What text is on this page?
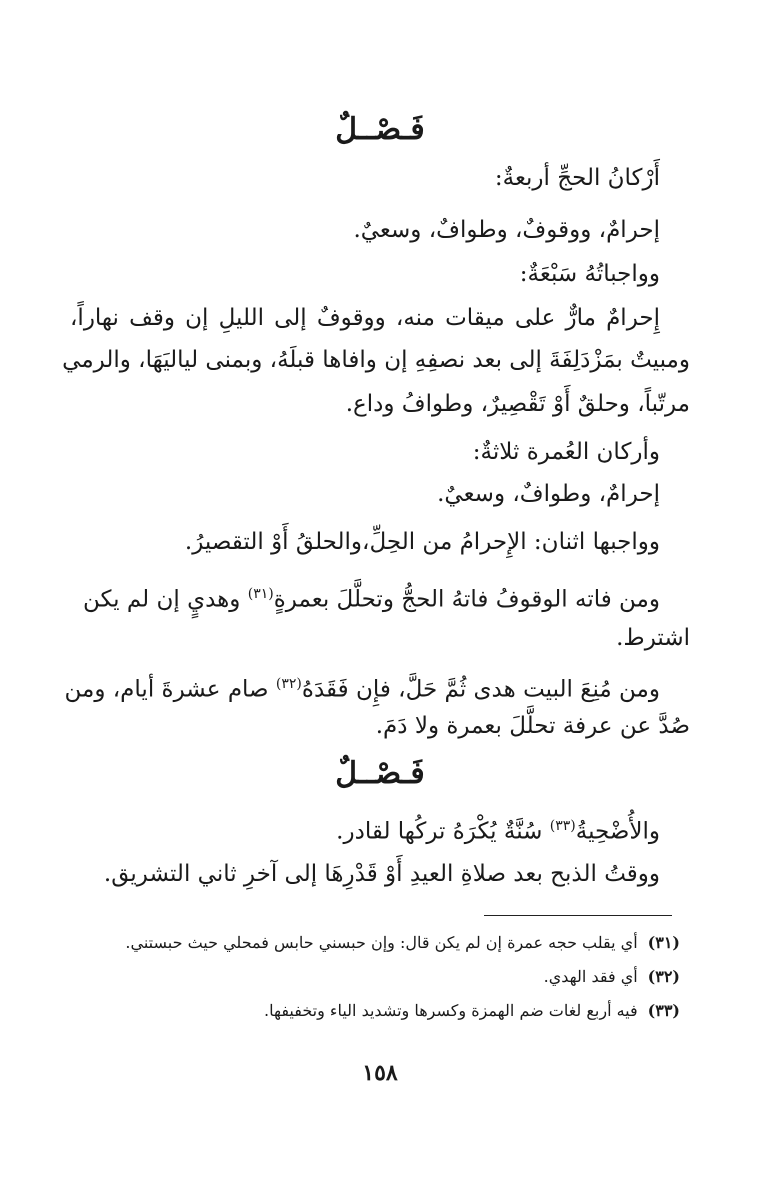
فَـصْــلٌ
أَرْكانُ الحجِّ أربعةٌ:
إحرامٌ، ووقوفٌ، وطوافٌ، وسعيٌ.
وواجباتُهُ سَبْعَةٌ:
إِحرامٌ مارٌّ على ميقات منه، ووقوفٌ إلى الليلِ إن وقف نهاراً،
ومبيتٌ بمَزْدَلِفَةَ إلى بعد نصفِهِ إن وافاها قبلَهُ، وبمنى لياليَهَا، والرمي
مرتّباً، وحلقٌ أَوْ تَقْصِيرٌ، وطوافُ وداع.
وأركان العُمرة ثلاثةٌ:
إحرامٌ، وطوافٌ، وسعيٌ.
وواجبها اثنان: الإِحرامُ من الحِلِّ،والحلقُ أَوْ التقصيرُ.
ومن فاته الوقوفُ فاتهُ الحجُّ وتحلَّلَ بعمرةٍ$^{(٣١)}$ وهديٍ إن لم يكن
اشترط.
ومن مُنِعَ البيت هدى ثُمَّ حَلَّ، فإِن فَقَدَهُ$^{(٣٢)}$ صام عشرةَ أيام، ومن
صُدَّ عن عرفة تحلَّلَ بعمرة ولا دَمَ.
فَـصْــلٌ
والأُضْحِيةُ$^{(٣٣)}$ سُنَّةٌ يُكْرَهُ تركُها لقادر.
ووقتُ الذبح بعد صلاةِ العيدِ أَوْ قَدْرِهَا إلى آخرِ ثاني التشريق.
(٣١)أي يقلب حجه عمرة إن لم يكن قال: وإن حبسني حابس فمحلي حيث حبستني.
(٣٢)أي فقد الهدي.
(٣٣)فيه أربع لغات ضم الهمزة وكسرها وتشديد الياء وتخفيفها.
١٥٨
